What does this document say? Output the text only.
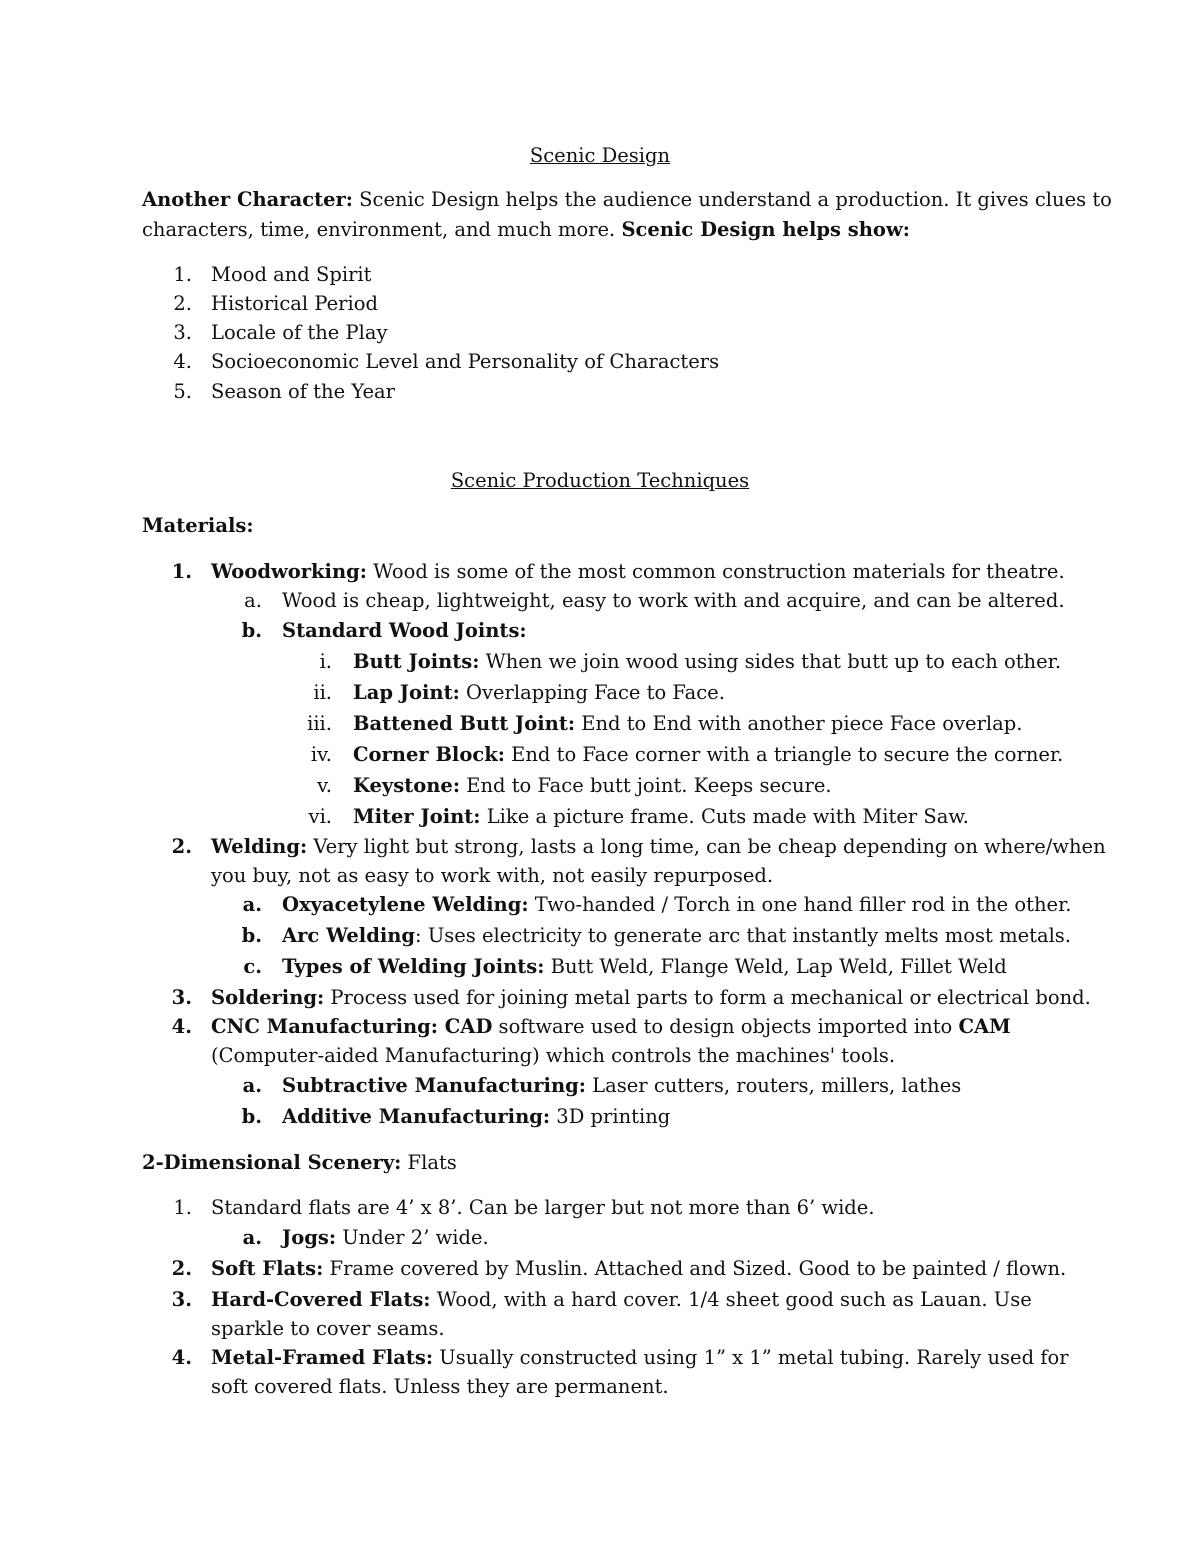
Scenic Design
Another Character: Scenic Design helps the audience understand a production. It gives clues to
characters, time, environment, and much more. Scenic Design helps show:
1. Mood and Spirit
2. Historical Period
3. Locale of the Play
4. Socioeconomic Level and Personality of Characters
5. Season of the Year
Scenic Production Techniques
Materials:
1. Woodworking: Wood is some of the most common construction materials for theatre.
a. Wood is cheap, lightweight, easy to work with and acquire, and can be altered.
b. Standard Wood Joints:
i. Butt Joints: When we join wood using sides that butt up to each other.
ii. Lap Joint: Overlapping Face to Face.
iii. Battened Butt Joint: End to End with another piece Face overlap.
iv. Corner Block: End to Face corner with a triangle to secure the corner.
v. Keystone: End to Face butt joint. Keeps secure.
vi. Miter Joint: Like a picture frame. Cuts made with Miter Saw.
2. Welding: Very light but strong, lasts a long time, can be cheap depending on where/when
you buy, not as easy to work with, not easily repurposed.
a. Oxyacetylene Welding: Two-handed / Torch in one hand filler rod in the other.
b. Arc Welding: Uses electricity to generate arc that instantly melts most metals.
c. Types of Welding Joints: Butt Weld, Flange Weld, Lap Weld, Fillet Weld
3. Soldering: Process used for joining metal parts to form a mechanical or electrical bond.
4. CNC Manufacturing: CAD software used to design objects imported into CAM
(Computer-aided Manufacturing) which controls the machines' tools.
a. Subtractive Manufacturing: Laser cutters, routers, millers, lathes
b. Additive Manufacturing: 3D printing
2-Dimensional Scenery: Flats
1. Standard flats are 4’ x 8’. Can be larger but not more than 6’ wide.
a. Jogs: Under 2’ wide.
2. Soft Flats: Frame covered by Muslin. Attached and Sized. Good to be painted / flown.
3. Hard-Covered Flats: Wood, with a hard cover. 1/4 sheet good such as Lauan. Use
sparkle to cover seams.
4. Metal-Framed Flats: Usually constructed using 1” x 1” metal tubing. Rarely used for
soft covered flats. Unless they are permanent.
